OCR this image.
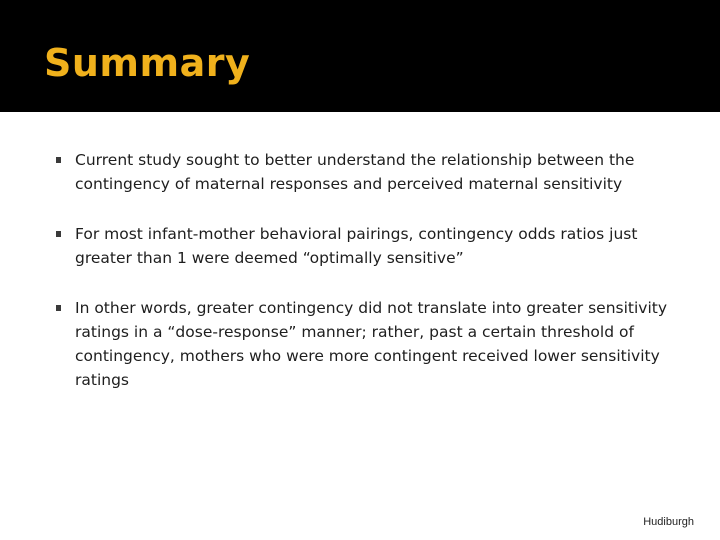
Summary
Current study sought to better understand the relationship between the contingency of maternal responses and perceived maternal sensitivity
For most infant-mother behavioral pairings, contingency odds ratios just greater than 1 were deemed “optimally sensitive”
In other words, greater contingency did not translate into greater sensitivity ratings in a “dose-response” manner; rather, past a certain threshold of contingency, mothers who were more contingent received lower sensitivity ratings
Hudiburgh
